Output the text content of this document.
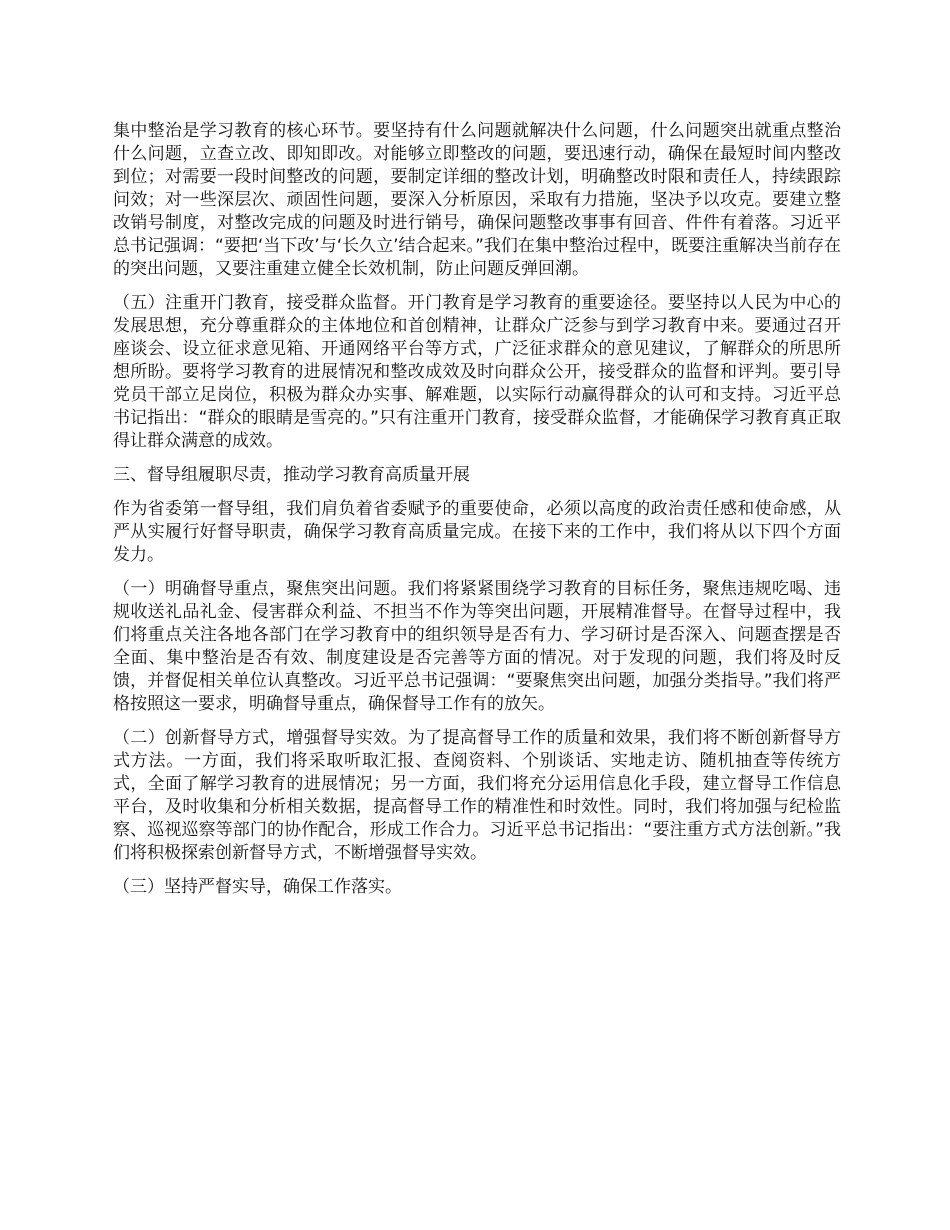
集中整治是学习教育的核心环节。要坚持有什么问题就解决什么问题，什么问题突出就重点整治什么问题，立查立改、即知即改。对能够立即整改的问题，要迅速行动，确保在最短时间内整改到位；对需要一段时间整改的问题，要制定详细的整改计划，明确整改时限和责任人，持续跟踪问效；对一些深层次、顽固性问题，要深入分析原因，采取有力措施，坚决予以攻克。要建立整改销号制度，对整改完成的问题及时进行销号，确保问题整改事事有回音、件件有着落。习近平总书记强调：“要把‘当下改’与‘长久立’结合起来。”我们在集中整治过程中，既要注重解决当前存在的突出问题，又要注重建立健全长效机制，防止问题反弹回潮。

（五）注重开门教育，接受群众监督。开门教育是学习教育的重要途径。要坚持以人民为中心的发展思想，充分尊重群众的主体地位和首创精神，让群众广泛参与到学习教育中来。要通过召开座谈会、设立征求意见箱、开通网络平台等方式，广泛征求群众的意见建议，了解群众的所思所想所盼。要将学习教育的进展情况和整改成效及时向群众公开，接受群众的监督和评判。要引导党员干部立足岗位，积极为群众办实事、解难题，以实际行动赢得群众的认可和支持。习近平总书记指出：“群众的眼睛是雪亮的。”只有注重开门教育，接受群众监督，才能确保学习教育真正取得让群众满意的成效。

三、督导组履职尽责，推动学习教育高质量开展

作为省委第一督导组，我们肩负着省委赋予的重要使命，必须以高度的政治责任感和使命感，从严从实履行好督导职责，确保学习教育高质量完成。在接下来的工作中，我们将从以下四个方面发力。

（一）明确督导重点，聚焦突出问题。我们将紧紧围绕学习教育的目标任务，聚焦违规吃喝、违规收送礼品礼金、侵害群众利益、不担当不作为等突出问题，开展精准督导。在督导过程中，我们将重点关注各地各部门在学习教育中的组织领导是否有力、学习研讨是否深入、问题查摆是否全面、集中整治是否有效、制度建设是否完善等方面的情况。对于发现的问题，我们将及时反馈，并督促相关单位认真整改。习近平总书记强调：“要聚焦突出问题，加强分类指导。”我们将严格按照这一要求，明确督导重点，确保督导工作有的放矢。

（二）创新督导方式，增强督导实效。为了提高督导工作的质量和效果，我们将不断创新督导方式方法。一方面，我们将采取听取汇报、查阅资料、个别谈话、实地走访、随机抽查等传统方式，全面了解学习教育的进展情况；另一方面，我们将充分运用信息化手段，建立督导工作信息平台，及时收集和分析相关数据，提高督导工作的精准性和时效性。同时，我们将加强与纪检监察、巡视巡察等部门的协作配合，形成工作合力。习近平总书记指出：“要注重方式方法创新。”我们将积极探索创新督导方式，不断增强督导实效。

（三）坚持严督实导，确保工作落实。
